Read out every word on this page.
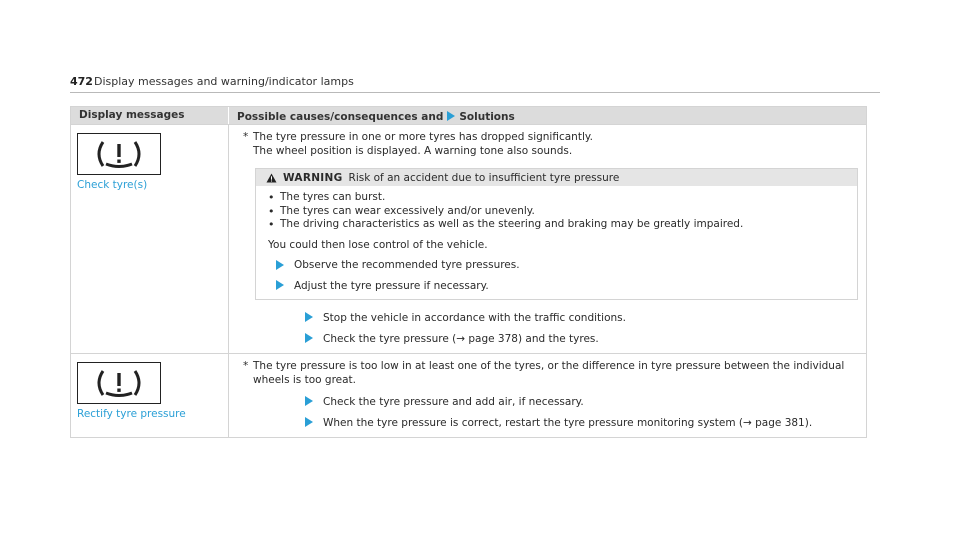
472 Display messages and warning/indicator lamps
Display messages	Possible causes/consequences and Solutions
Check tyre(s)
* The tyre pressure in one or more tyres has dropped significantly.
The wheel position is displayed. A warning tone also sounds.
WARNING Risk of an accident due to insufficient tyre pressure
• The tyres can burst.
• The tyres can wear excessively and/or unevenly.
• The driving characteristics as well as the steering and braking may be greatly impaired.
You could then lose control of the vehicle.
Observe the recommended tyre pressures.
Adjust the tyre pressure if necessary.
Stop the vehicle in accordance with the traffic conditions.
Check the tyre pressure (→ page 378) and the tyres.
Rectify tyre pressure
* The tyre pressure is too low in at least one of the tyres, or the difference in tyre pressure between the individual
wheels is too great.
Check the tyre pressure and add air, if necessary.
When the tyre pressure is correct, restart the tyre pressure monitoring system (→ page 381).
